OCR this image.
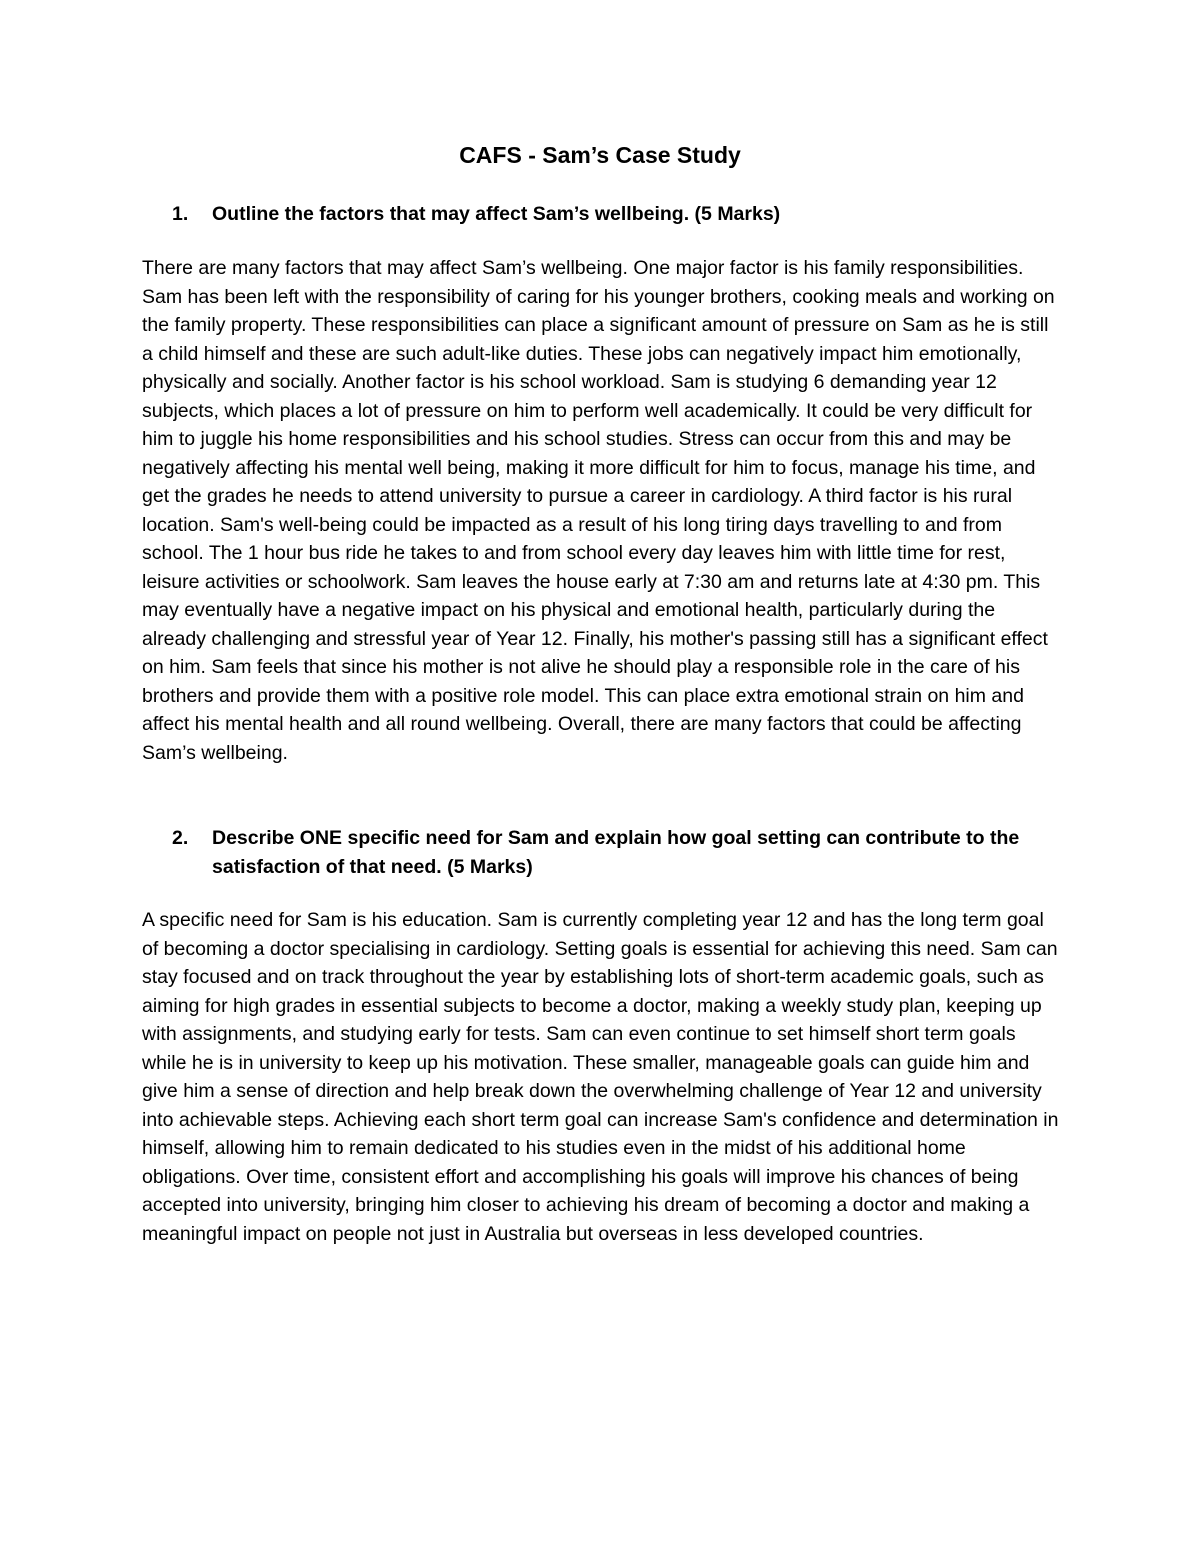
CAFS - Sam’s Case Study
1.	Outline the factors that may affect Sam’s wellbeing. (5 Marks)

There are many factors that may affect Sam’s wellbeing. One major factor is his family responsibilities. Sam has been left with the responsibility of caring for his younger brothers, cooking meals and working on the family property. These responsibilities can place a significant amount of pressure on Sam as he is still a child himself and these are such adult-like duties. These jobs can negatively impact him emotionally, physically and socially. Another factor is his school workload. Sam is studying 6 demanding year 12 subjects, which places a lot of pressure on him to perform well academically. It could be very difficult for him to juggle his home responsibilities and his school studies. Stress can occur from this and may be negatively affecting his mental well being, making it more difficult for him to focus, manage his time, and get the grades he needs to attend university to pursue a career in cardiology. A third factor is his rural location. Sam's well-being could be impacted as a result of his long tiring days travelling to and from school. The 1 hour bus ride he takes to and from school every day leaves him with little time for rest, leisure activities or schoolwork. Sam leaves the house early at 7:30 am and returns late at 4:30 pm. This may eventually have a negative impact on his physical and emotional health, particularly during the already challenging and stressful year of Year 12. Finally, his mother's passing still has a significant effect on him. Sam feels that since his mother is not alive he should play a responsible role in the care of his brothers and provide them with a positive role model. This can place extra emotional strain on him and affect his mental health and all round wellbeing. Overall, there are many factors that could be affecting Sam’s wellbeing.

2.	Describe ONE specific need for Sam and explain how goal setting can contribute to the satisfaction of that need. (5 Marks)

A specific need for Sam is his education. Sam is currently completing year 12 and has the long term goal of becoming a doctor specialising in cardiology. Setting goals is essential for achieving this need. Sam can stay focused and on track throughout the year by establishing lots of short-term academic goals, such as aiming for high grades in essential subjects to become a doctor, making a weekly study plan, keeping up with assignments, and studying early for tests. Sam can even continue to set himself short term goals while he is in university to keep up his motivation. These smaller, manageable goals can guide him and give him a sense of direction and help break down the overwhelming challenge of Year 12 and university into achievable steps. Achieving each short term goal can increase Sam's confidence and determination in himself, allowing him to remain dedicated to his studies even in the midst of his additional home obligations. Over time, consistent effort and accomplishing his goals will improve his chances of being accepted into university, bringing him closer to achieving his dream of becoming a doctor and making a meaningful impact on people not just in Australia but overseas in less developed countries.
